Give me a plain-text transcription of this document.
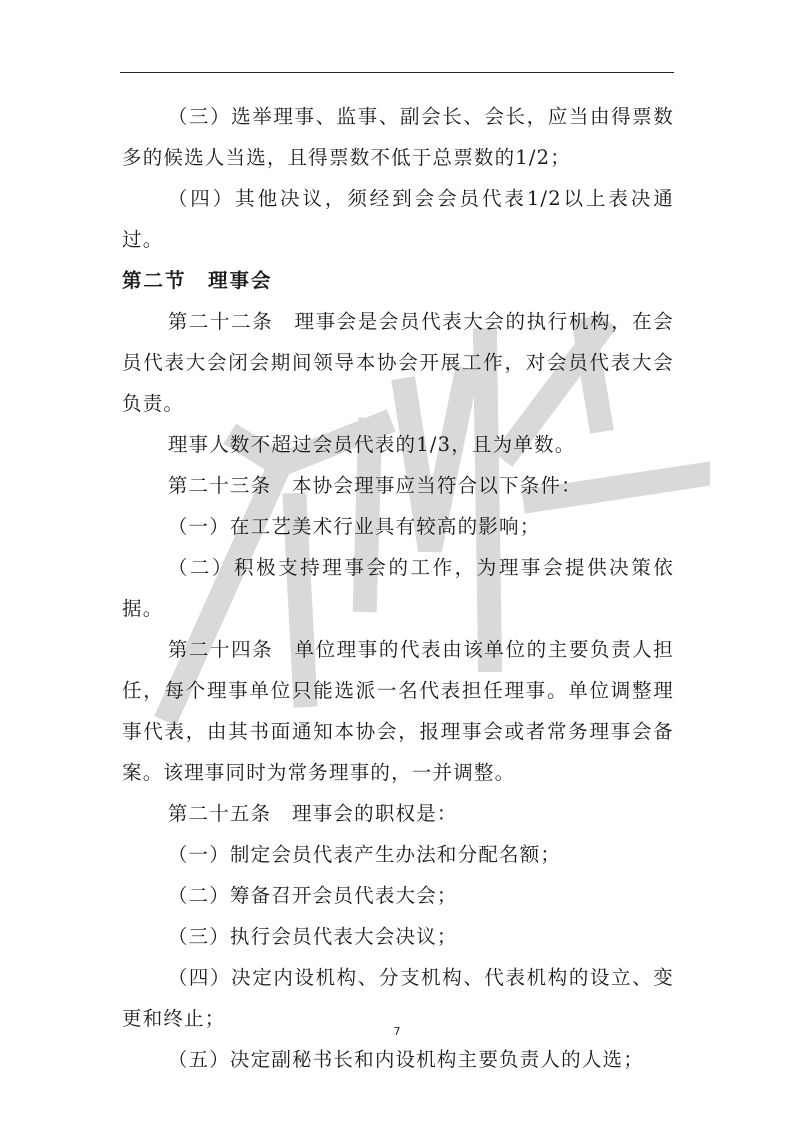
（三）选举理事、监事、副会长、会长，应当由得票数多的候选人当选，且得票数不低于总票数的1/2；

（四）其他决议，须经到会会员代表1/2以上表决通过。

第二节　理事会

第二十二条　理事会是会员代表大会的执行机构，在会员代表大会闭会期间领导本协会开展工作，对会员代表大会负责。

理事人数不超过会员代表的1/3，且为单数。

第二十三条　本协会理事应当符合以下条件：

（一）在工艺美术行业具有较高的影响；

（二）积极支持理事会的工作，为理事会提供决策依据。

第二十四条　单位理事的代表由该单位的主要负责人担任，每个理事单位只能选派一名代表担任理事。单位调整理事代表，由其书面通知本协会，报理事会或者常务理事会备案。该理事同时为常务理事的，一并调整。

第二十五条　理事会的职权是：

（一）制定会员代表产生办法和分配名额；

（二）筹备召开会员代表大会；

（三）执行会员代表大会决议；

（四）决定内设机构、分支机构、代表机构的设立、变更和终止；

（五）决定副秘书长和内设机构主要负责人的人选；

7
